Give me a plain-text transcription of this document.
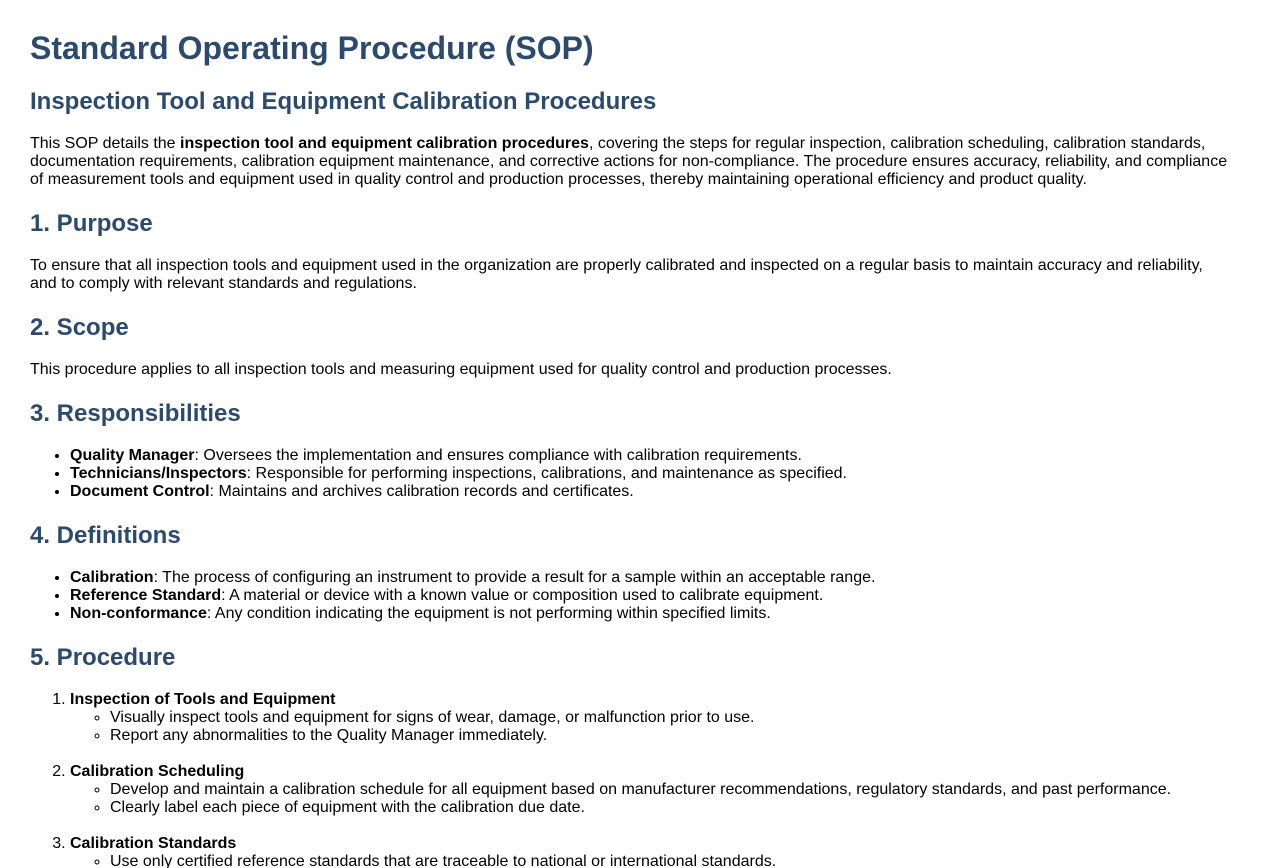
Standard Operating Procedure (SOP)
Inspection Tool and Equipment Calibration Procedures

This SOP details the inspection tool and equipment calibration procedures, covering the steps for regular inspection, calibration scheduling, calibration standards, documentation requirements, calibration equipment maintenance, and corrective actions for non-compliance. The procedure ensures accuracy, reliability, and compliance of measurement tools and equipment used in quality control and production processes, thereby maintaining operational efficiency and product quality.

1. Purpose

To ensure that all inspection tools and equipment used in the organization are properly calibrated and inspected on a regular basis to maintain accuracy and reliability, and to comply with relevant standards and regulations.

2. Scope

This procedure applies to all inspection tools and measuring equipment used for quality control and production processes.

3. Responsibilities
• Quality Manager: Oversees the implementation and ensures compliance with calibration requirements.
• Technicians/Inspectors: Responsible for performing inspections, calibrations, and maintenance as specified.
• Document Control: Maintains and archives calibration records and certificates.
4. Definitions
• Calibration: The process of configuring an instrument to provide a result for a sample within an acceptable range.
• Reference Standard: A material or device with a known value or composition used to calibrate equipment.
• Non-conformance: Any condition indicating the equipment is not performing within specified limits.
5. Procedure
1. Inspection of Tools and Equipment
◦ Visually inspect tools and equipment for signs of wear, damage, or malfunction prior to use.
◦ Report any abnormalities to the Quality Manager immediately.
2. Calibration Scheduling
◦ Develop and maintain a calibration schedule for all equipment based on manufacturer recommendations, regulatory standards, and past performance.
◦ Clearly label each piece of equipment with the calibration due date.
3. Calibration Standards
◦ Use only certified reference standards that are traceable to national or international standards.
